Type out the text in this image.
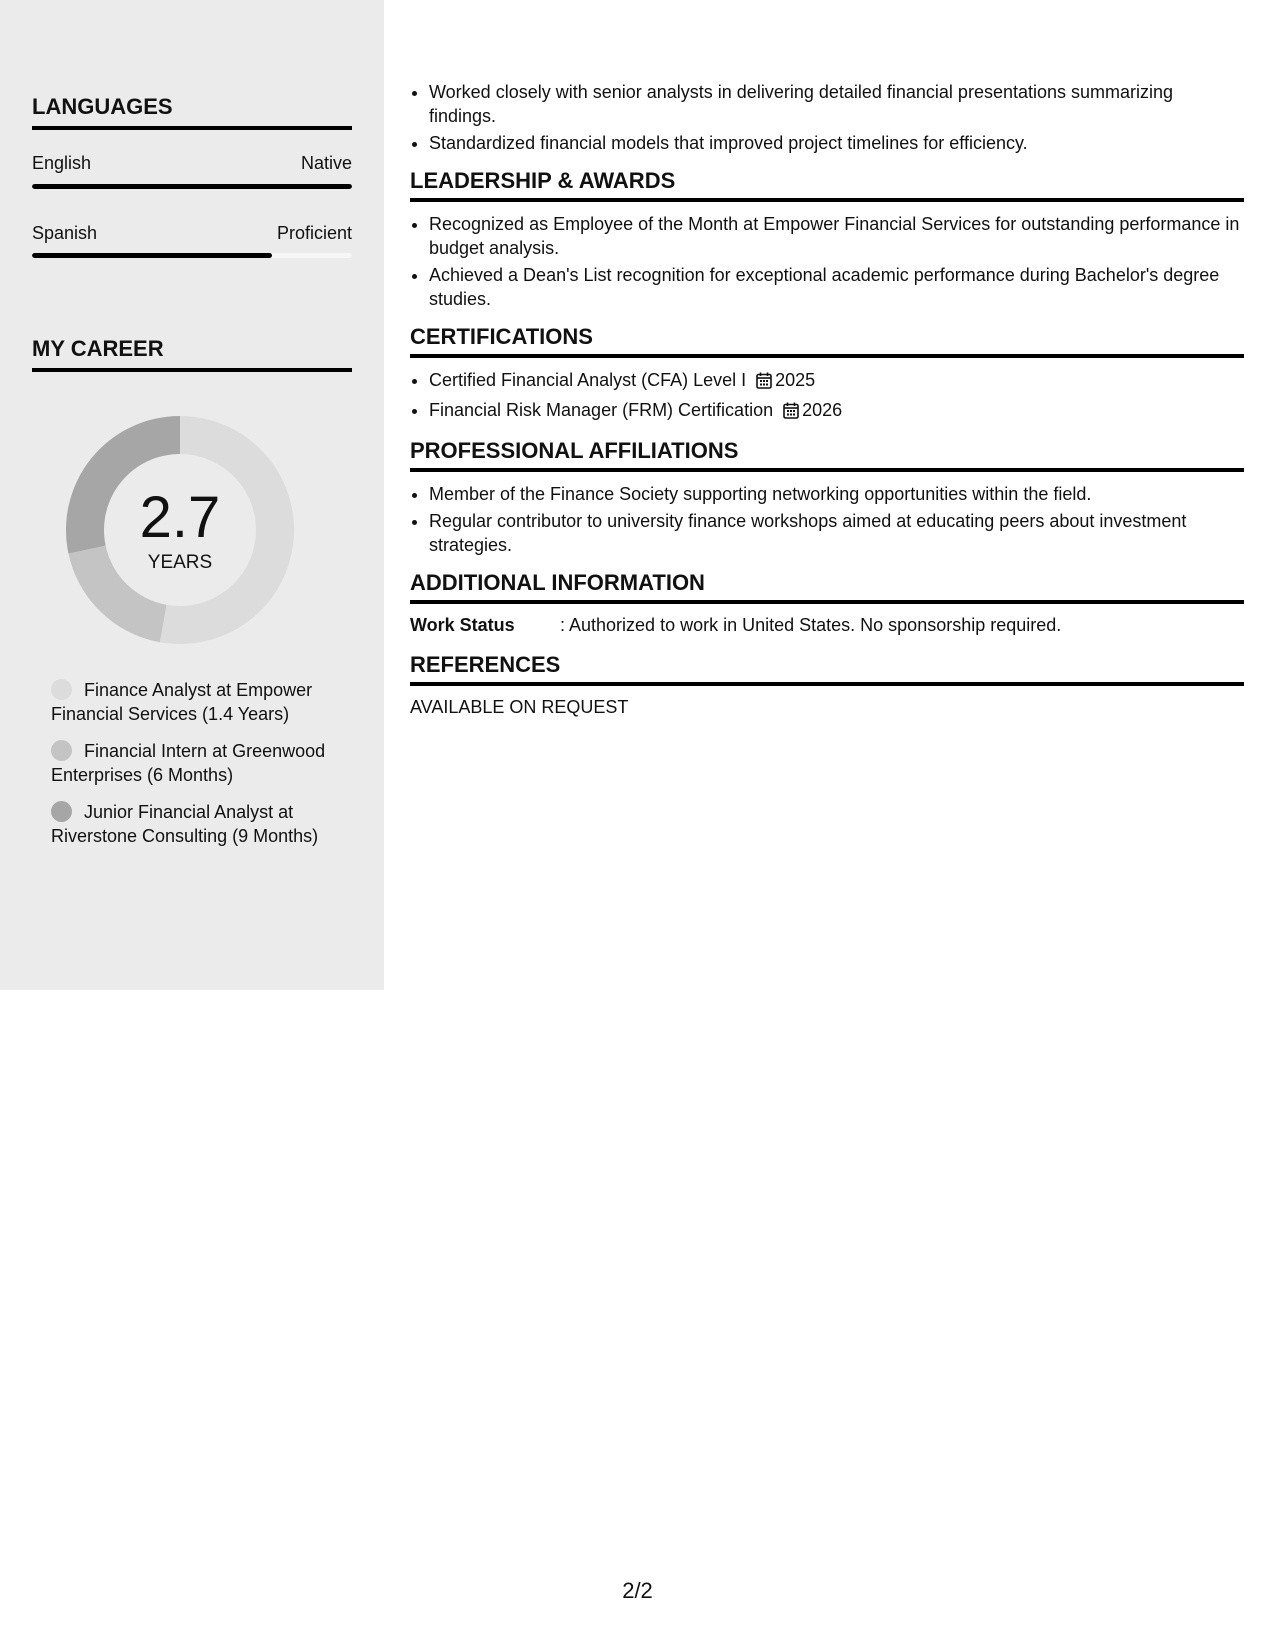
LANGUAGES
English	Native
Spanish	Proficient
MY CAREER
2.7
YEARS
Finance Analyst at Empower Financial Services (1.4 Years)
Financial Intern at Greenwood Enterprises (6 Months)
Junior Financial Analyst at Riverstone Consulting (9 Months)
• Worked closely with senior analysts in delivering detailed financial presentations summarizing findings.
• Standardized financial models that improved project timelines for efficiency.
LEADERSHIP & AWARDS
• Recognized as Employee of the Month at Empower Financial Services for outstanding performance in budget analysis.
• Achieved a Dean's List recognition for exceptional academic performance during Bachelor's degree studies.
CERTIFICATIONS
• Certified Financial Analyst (CFA) Level I 2025
• Financial Risk Manager (FRM) Certification 2026
PROFESSIONAL AFFILIATIONS
• Member of the Finance Society supporting networking opportunities within the field.
• Regular contributor to university finance workshops aimed at educating peers about investment strategies.
ADDITIONAL INFORMATION
Work Status	: Authorized to work in United States. No sponsorship required.
REFERENCES
AVAILABLE ON REQUEST
2/2
